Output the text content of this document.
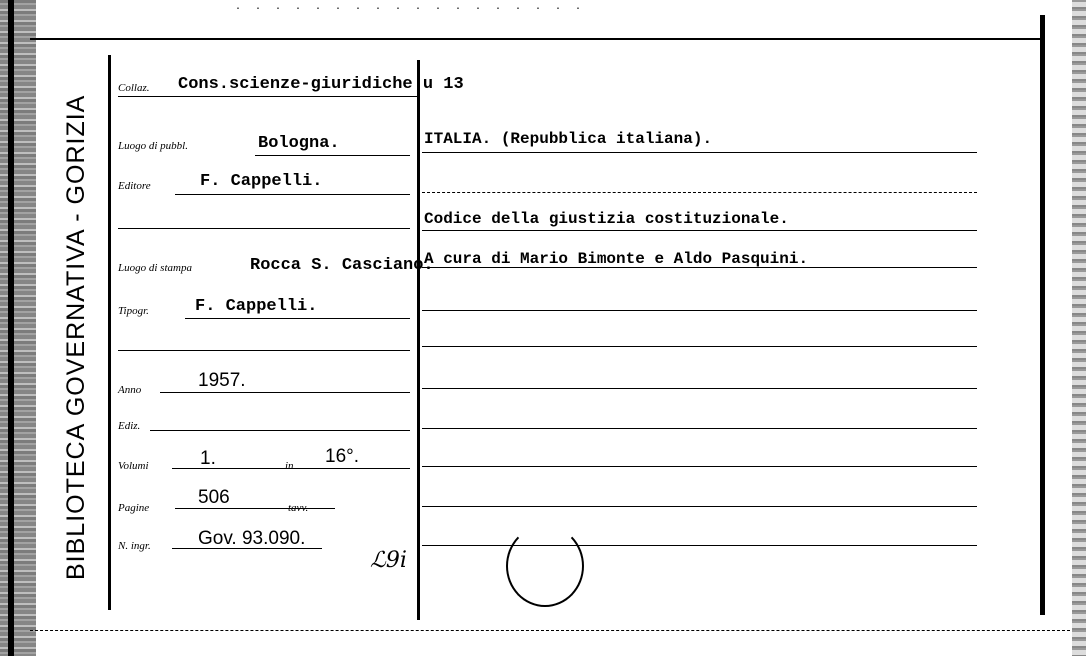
. . . . . . . . . . . . . . . . . .
BIBLIOTECA GOVERNATIVA - GORIZIA
Collaz. Cons.scienze-giuridiche u 13
Luogo di pubbl.	Bologna.
Editore	F. Cappelli.
Luogo di stampa	Rocca S. Casciano.
Tipogr.	F. Cappelli.
Anno	1957.
Ediz.
Volumi	1.	in 16°.
Pagine	506	tavv.
N. ingr. Gov. 93.090.
ℒ9i
ITALIA. (Repubblica italiana).
Codice della giustizia costituzionale.
A cura di Mario Bimonte e Aldo Pasquini.
